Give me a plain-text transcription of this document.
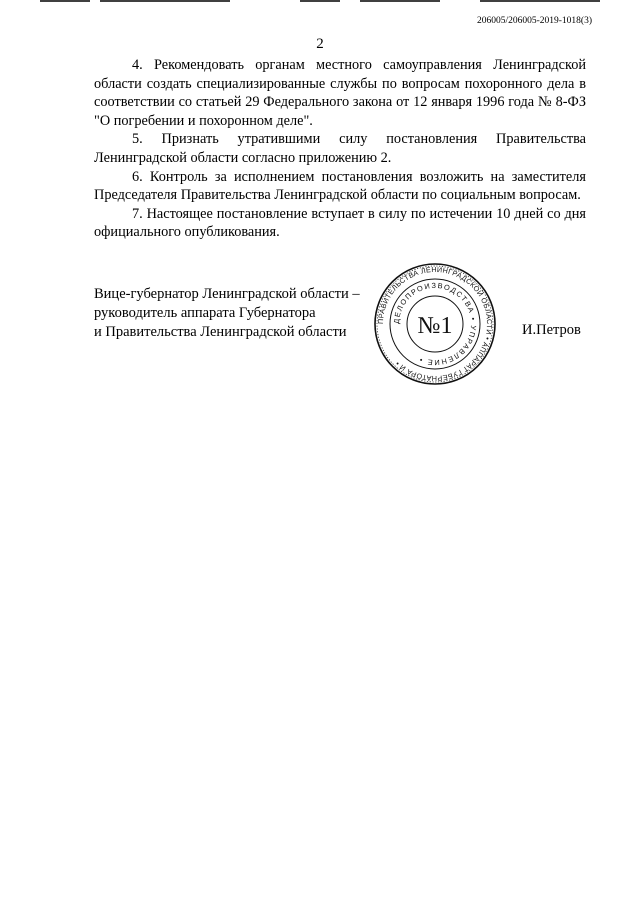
206005/206005-2019-1018(3)
2

4. Рекомендовать органам местного самоуправления Ленинградской области создать специализированные службы по вопросам похоронного дела в соответствии со статьей 29 Федерального закона от 12 января 1996 года № 8-ФЗ "О погребении и похоронном деле".

5. Признать утратившими силу постановления Правительства Ленинградской области согласно приложению 2.

6. Контроль за исполнением постановления возложить на заместителя Председателя Правительства Ленинградской области по социальным вопросам.

7. Настоящее постановление вступает в силу по истечении 10 дней со дня официального опубликования.

Вице-губернатор Ленинградской области –
руководитель аппарата Губернатора
и Правительства Ленинградской области
ПРАВИТЕЛЬСТВА ЛЕНИНГРАДСКОЙ ОБЛАСТИ • АППАРАТ ГУБЕРНАТОРА И •
ДЕЛОПРОИЗВОДСТВА • УПРАВЛЕНИЕ •
№1	И.Петров
